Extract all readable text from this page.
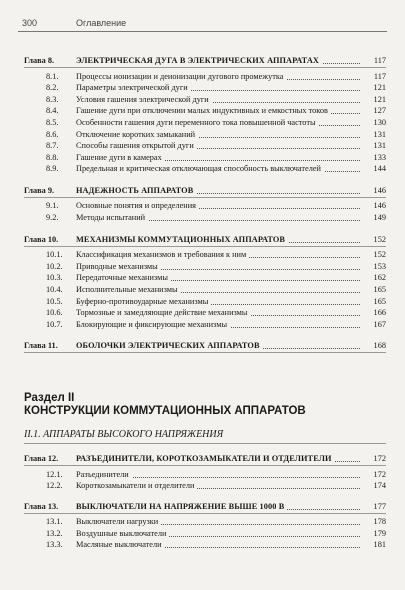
300	Оглавление
Глава 8.	ЭЛЕКТРИЧЕСКАЯ ДУГА В ЭЛЕКТРИЧЕСКИХ АППАРАТАХ	117
8.1.	Процессы ионизации и деионизации дугового промежутка	117
8.2.	Параметры электрической дуги	121
8.3.	Условия гашения электрической дуги	121
8.4.	Гашение дуги при отключении малых индуктивных и емкостных токов	127
8.5.	Особенности гашения дуги переменного тока повышенной частоты	130
8.6.	Отключение коротких замыканий	131
8.7.	Способы гашения открытой дуги	131
8.8.	Гашение дуги в камерах	133
8.9.	Предельная и критическая отключающая способность выключателей	144
Глава 9.	НАДЕЖНОСТЬ АППАРАТОВ	146
9.1.	Основные понятия и определения	146
9.2.	Методы испытаний	149
Глава 10.	МЕХАНИЗМЫ КОММУТАЦИОННЫХ АППАРАТОВ	152
10.1.	Классификация механизмов и требования к ним	152
10.2.	Приводные механизмы	153
10.3.	Передаточные механизмы	162
10.4.	Исполнительные механизмы	165
10.5.	Буферно-противоударные механизмы	165
10.6.	Тормозные и замедляющие действие механизмы	166
10.7.	Блокирующие и фиксирующие механизмы	167
Глава 11.	ОБОЛОЧКИ ЭЛЕКТРИЧЕСКИХ АППАРАТОВ	168
Раздел II
КОНСТРУКЦИИ КОММУТАЦИОННЫХ АППАРАТОВ
II.1. АППАРАТЫ ВЫСОКОГО НАПРЯЖЕНИЯ
Глава 12.	РАЗЪЕДИНИТЕЛИ, КОРОТКОЗАМЫКАТЕЛИ И ОТДЕЛИТЕЛИ	172
12.1.	Разъединители	172
12.2.	Короткозамыкатели и отделители	174
Глава 13.	ВЫКЛЮЧАТЕЛИ НА НАПРЯЖЕНИЕ ВЫШЕ 1000 В	177
13.1.	Выключатели нагрузки	178
13.2.	Воздушные выключатели	179
13.3.	Масляные выключатели	181
